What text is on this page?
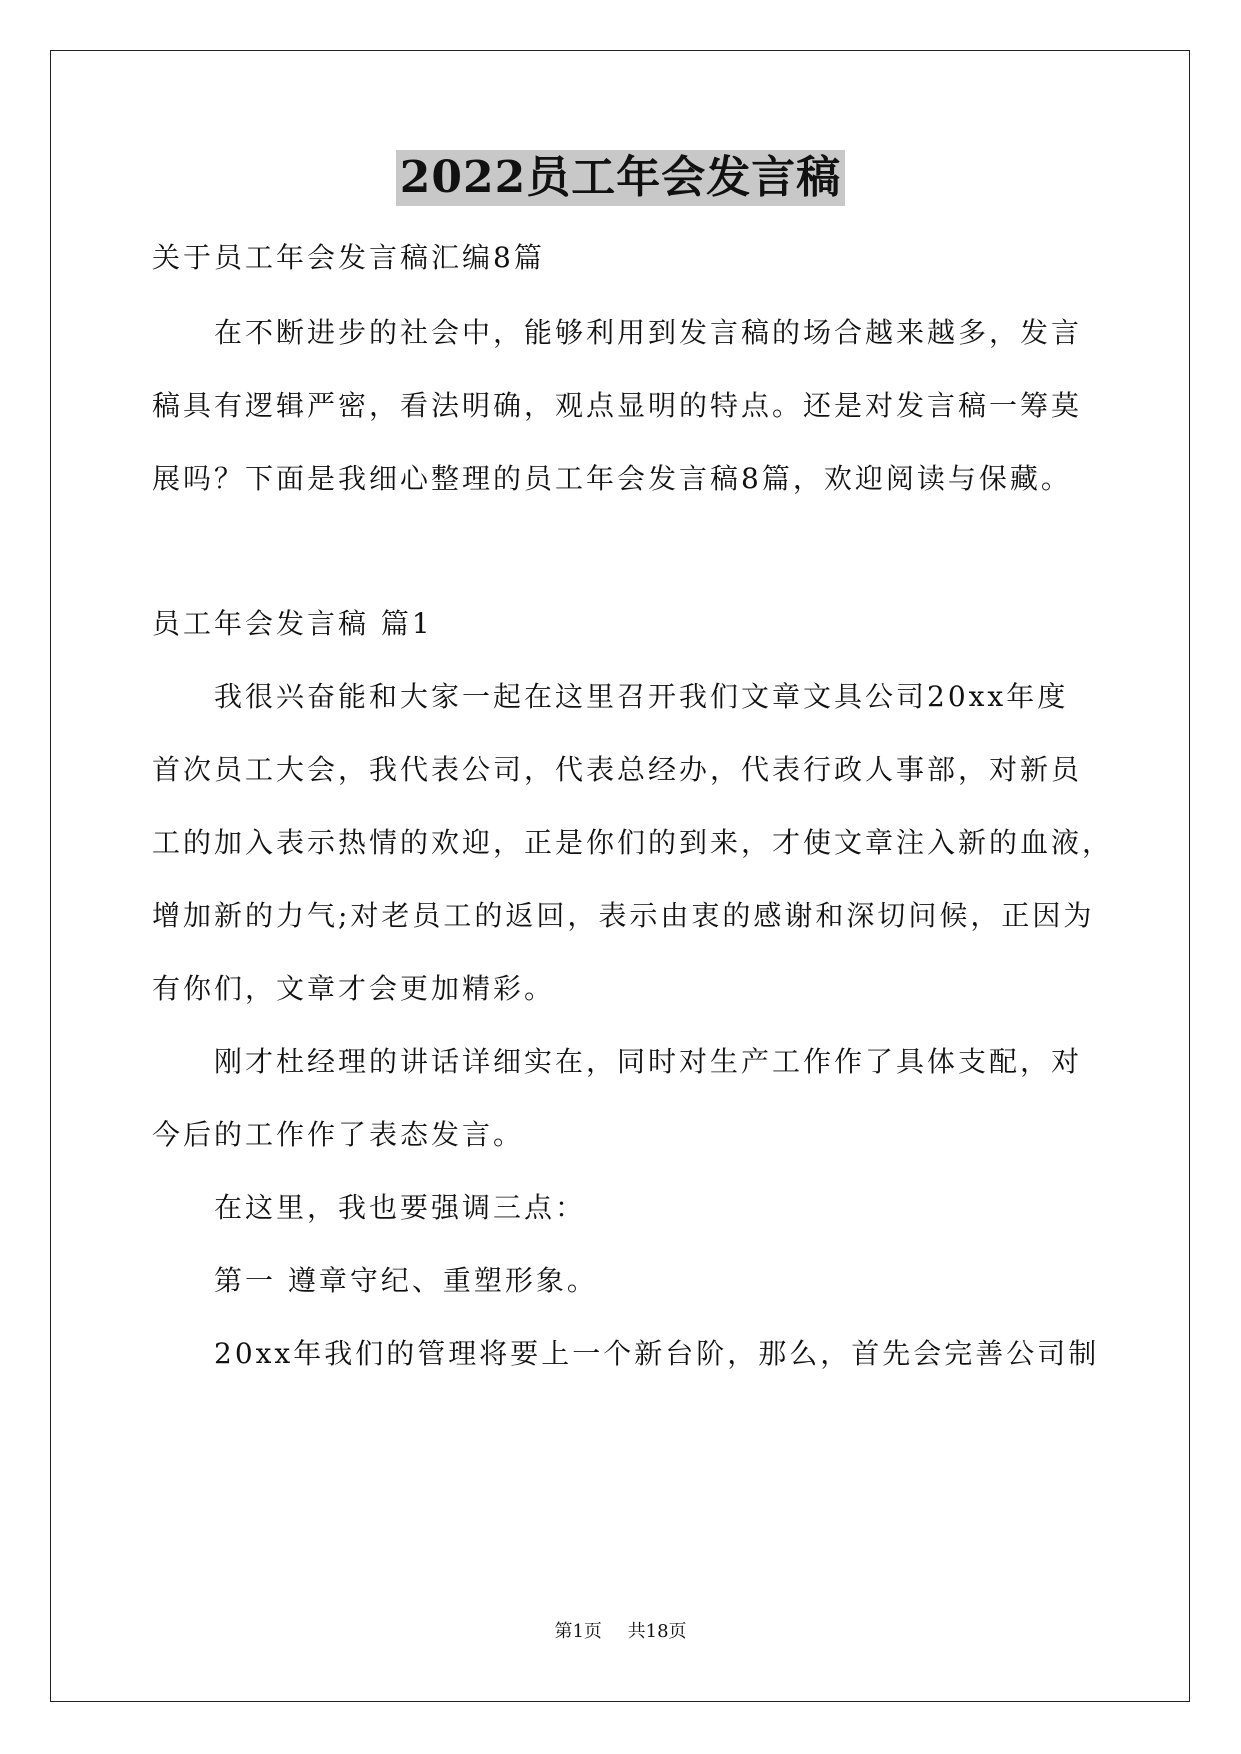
2022员工年会发言稿
关于员工年会发言稿汇编8篇
在不断进步的社会中，能够利用到发言稿的场合越来越多，发言
稿具有逻辑严密，看法明确，观点显明的特点。还是对发言稿一筹莫
展吗？下面是我细心整理的员工年会发言稿8篇，欢迎阅读与保藏。
员工年会发言稿 篇1
我很兴奋能和大家一起在这里召开我们文章文具公司20xx年度
首次员工大会，我代表公司，代表总经办，代表行政人事部，对新员
工的加入表示热情的欢迎，正是你们的到来，才使文章注入新的血液，
增加新的力气;对老员工的返回，表示由衷的感谢和深切问候，正因为
有你们，文章才会更加精彩。
刚才杜经理的讲话详细实在，同时对生产工作作了具体支配，对
今后的工作作了表态发言。
在这里，我也要强调三点：
第一 遵章守纪、重塑形象。
20xx年我们的管理将要上一个新台阶，那么，首先会完善公司制
第1页 共18页
